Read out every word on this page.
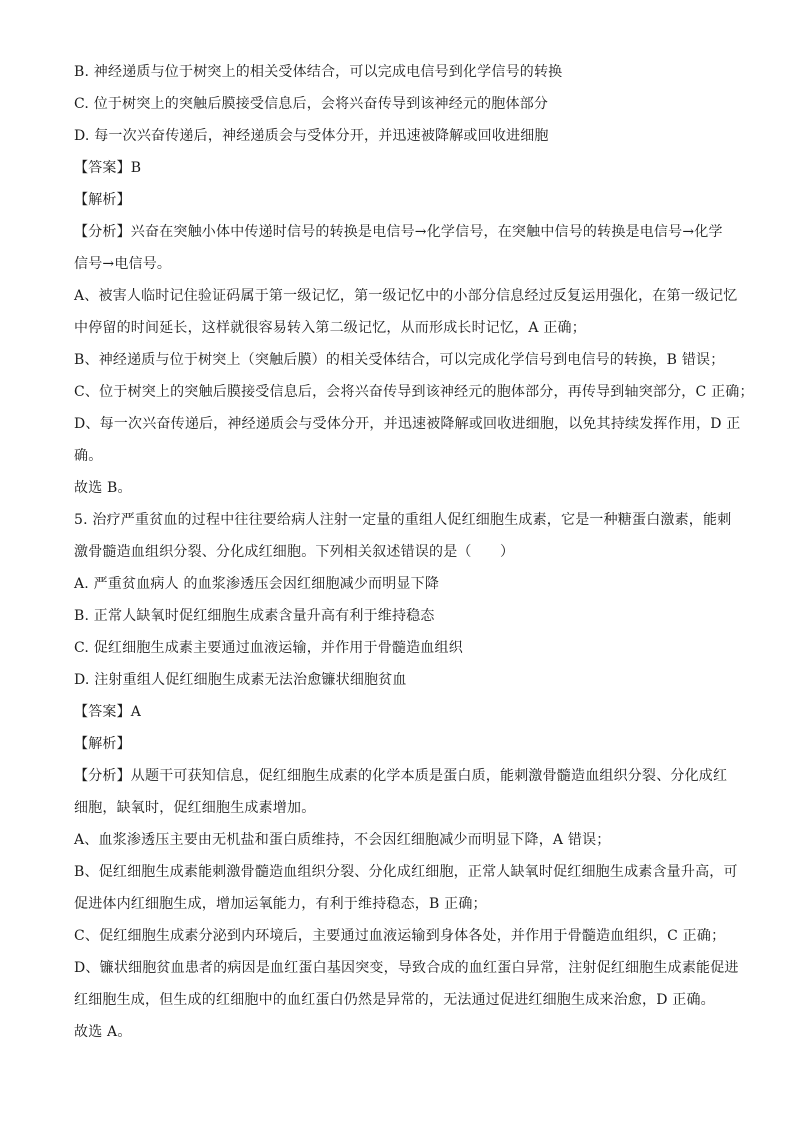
B. 神经递质与位于树突上的相关受体结合，可以完成电信号到化学信号的转换
C. 位于树突上的突触后膜接受信息后，会将兴奋传导到该神经元的胞体部分
D. 每一次兴奋传递后，神经递质会与受体分开，并迅速被降解或回收进细胞
【答案】B
【解析】
【分析】兴奋在突触小体中传递时信号的转换是电信号→化学信号，在突触中信号的转换是电信号→化学
信号→电信号。
A、被害人临时记住验证码属于第一级记忆，第一级记忆中的小部分信息经过反复运用强化，在第一级记忆
中停留的时间延长，这样就很容易转入第二级记忆，从而形成长时记忆，A 正确；
B、神经递质与位于树突上（突触后膜）的相关受体结合，可以完成化学信号到电信号的转换，B 错误；
C、位于树突上的突触后膜接受信息后，会将兴奋传导到该神经元的胞体部分，再传导到轴突部分，C 正确；
D、每一次兴奋传递后，神经递质会与受体分开，并迅速被降解或回收进细胞，以免其持续发挥作用，D 正
确。
故选 B。
5. 治疗严重贫血的过程中往往要给病人注射一定量的重组人促红细胞生成素，它是一种糖蛋白激素，能刺
激骨髓造血组织分裂、分化成红细胞。下列相关叙述错误的是（　　）
A. 严重贫血病人 的血浆渗透压会因红细胞减少而明显下降
B. 正常人缺氧时促红细胞生成素含量升高有利于维持稳态
C. 促红细胞生成素主要通过血液运输，并作用于骨髓造血组织
D. 注射重组人促红细胞生成素无法治愈镰状细胞贫血
【答案】A
【解析】
【分析】从题干可获知信息，促红细胞生成素的化学本质是蛋白质，能刺激骨髓造血组织分裂、分化成红
细胞，缺氧时，促红细胞生成素增加。
A、血浆渗透压主要由无机盐和蛋白质维持，不会因红细胞减少而明显下降，A 错误；
B、促红细胞生成素能刺激骨髓造血组织分裂、分化成红细胞，正常人缺氧时促红细胞生成素含量升高，可
促进体内红细胞生成，增加运氧能力，有利于维持稳态，B 正确；
C、促红细胞生成素分泌到内环境后，主要通过血液运输到身体各处，并作用于骨髓造血组织，C 正确；
D、镰状细胞贫血患者的病因是血红蛋白基因突变，导致合成的血红蛋白异常，注射促红细胞生成素能促进
红细胞生成，但生成的红细胞中的血红蛋白仍然是异常的，无法通过促进红细胞生成来治愈，D 正确。
故选 A。
